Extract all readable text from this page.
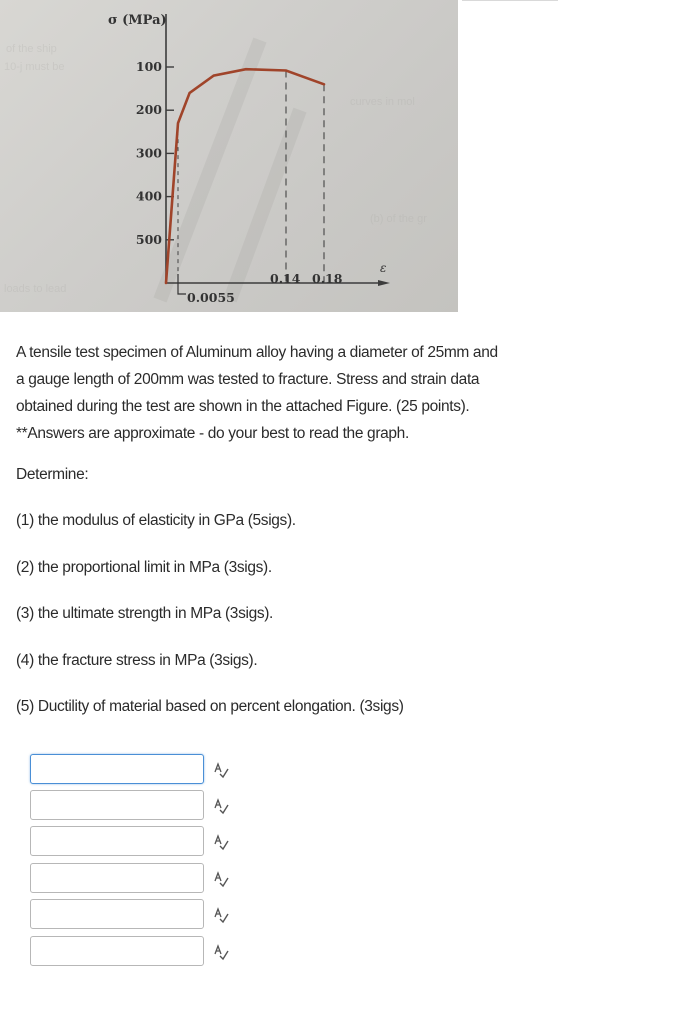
of the ship
10-j must be
curves in mol
(b) of the gr
loads to lead
σ (MPa)
ε
500
400
300
200
100
0.0055
0.14 0.18

A tensile test specimen of Aluminum alloy having a diameter of 25mm and a gauge length of 200mm was tested to fracture. Stress and strain data obtained during the test are shown in the attached Figure. (25 points). **Answers are approximate - do your best to read the graph.

Determine:
(1) the modulus of elasticity in GPa (5sigs).
(2) the proportional limit in MPa (3sigs).
(3) the ultimate strength in MPa (3sigs).
(4) the fracture stress in MPa (3sigs).
(5) Ductility of material based on percent elongation. (3sigs)
